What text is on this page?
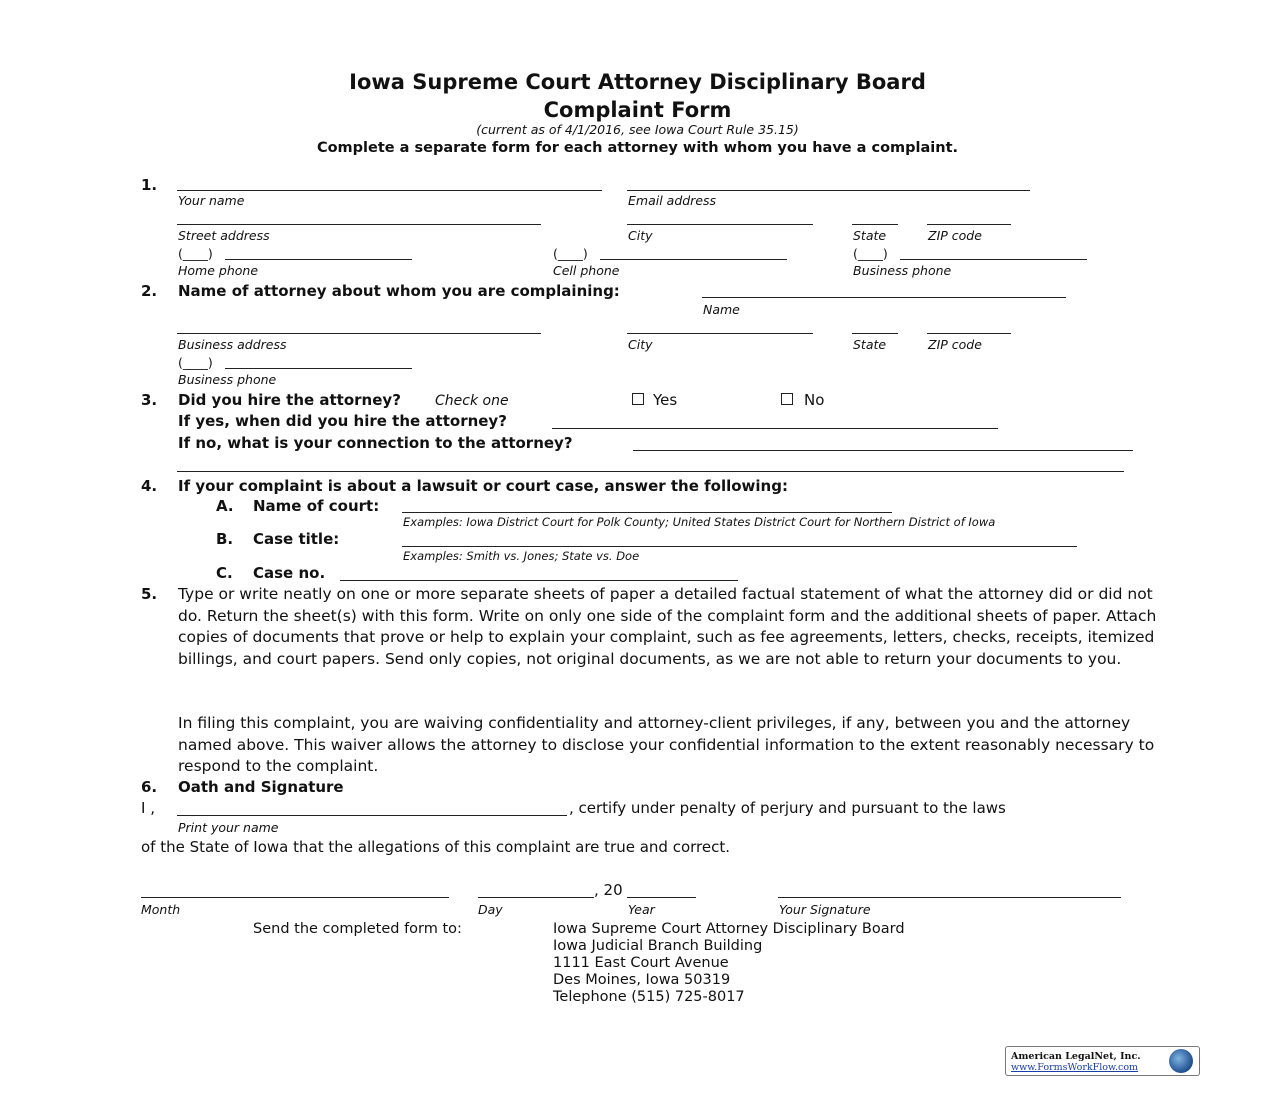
Iowa Supreme Court Attorney Disciplinary Board
Complaint Form
(current as of 4/1/2016, see Iowa Court Rule 35.15)
Complete a separate form for each attorney with whom you have a complaint.
1.
Your name	Email address
Street address	City	State	ZIP code
(____)	(____)	(____)
Home phone	Cell phone	Business phone
2. Name of attorney about whom you are complaining:
Name
Business address	City	State	ZIP code
(____)
Business phone
3. Did you hire the attorney? Check one	Yes	No
If yes, when did you hire the attorney?
If no, what is your connection to the attorney?
4. If your complaint is about a lawsuit or court case, answer the following:
A. Name of court:
Examples: Iowa District Court for Polk County; United States District Court for Northern District of Iowa
B. Case title:
Examples: Smith vs. Jones; State vs. Doe
C. Case no.
5. Type or write neatly on one or more separate sheets of paper a detailed factual statement of what the attorney did or did not do. Return the sheet(s) with this form. Write on only one side of the complaint form and the additional sheets of paper. Attach copies of documents that prove or help to explain your complaint, such as fee agreements, letters, checks, receipts, itemized billings, and court papers. Send only copies, not original documents, as we are not able to return your documents to you.
In filing this complaint, you are waiving confidentiality and attorney-client privileges, if any, between you and the attorney named above. This waiver allows the attorney to disclose your confidential information to the extent reasonably necessary to respond to the complaint.
6. Oath and Signature
I ,	, certify under penalty of perjury and pursuant to the laws
Print your name
of the State of Iowa that the allegations of this complaint are true and correct.
, 20
Month	Day	Year	Your Signature
Send the completed form to:	Iowa Supreme Court Attorney Disciplinary Board
Iowa Judicial Branch Building
1111 East Court Avenue
Des Moines, Iowa 50319
Telephone (515) 725-8017
American LegalNet, Inc.
www.FormsWorkFlow.com
